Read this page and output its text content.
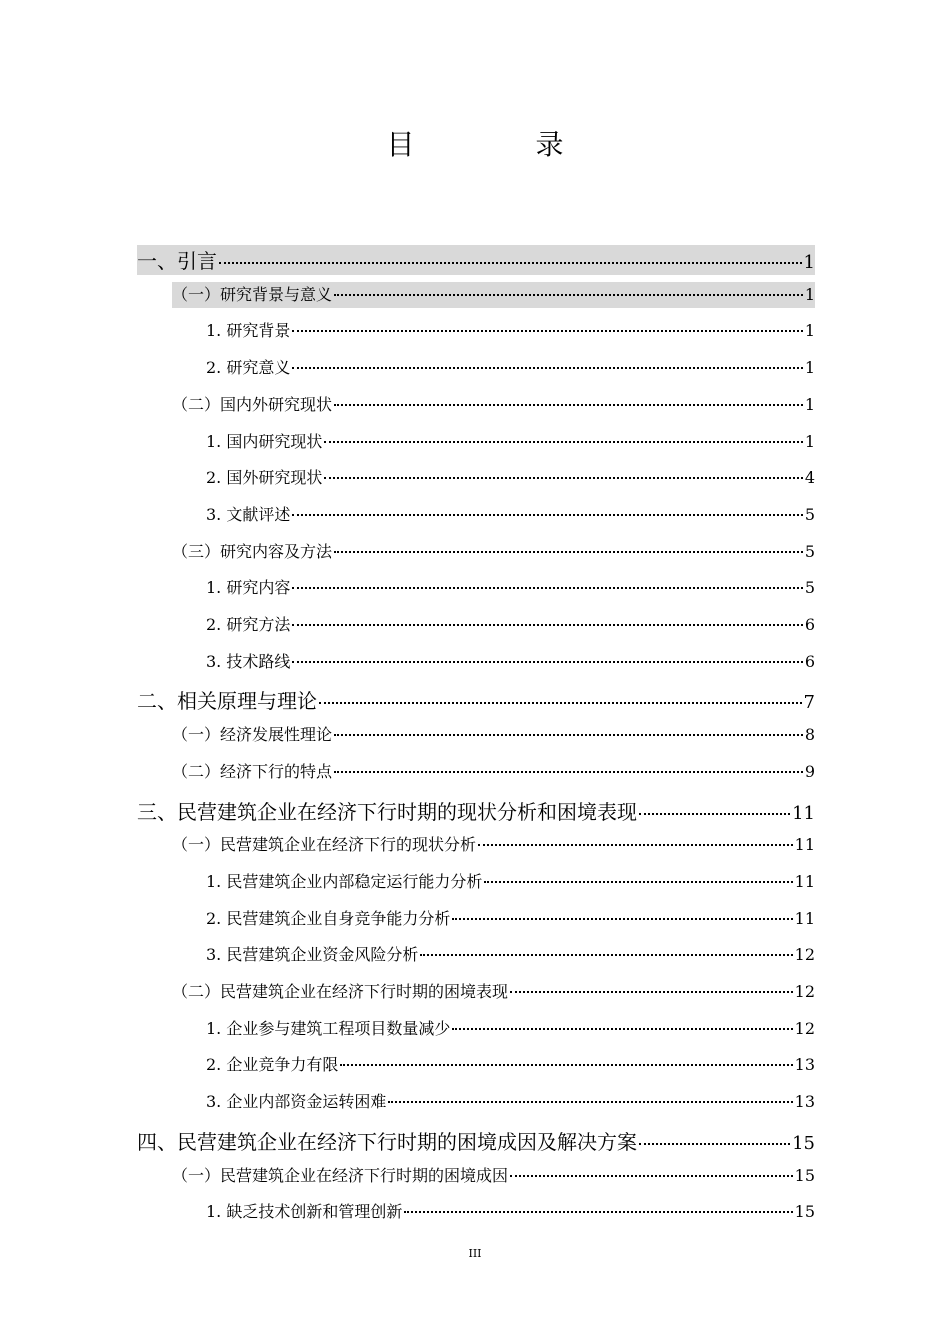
目 录
一、引言	1
（一）研究背景与意义	1
1. 研究背景	1
2. 研究意义	1
（二）国内外研究现状	1
1. 国内研究现状	1
2. 国外研究现状	4
3. 文献评述	5
（三）研究内容及方法	5
1. 研究内容	5
2. 研究方法	6
3. 技术路线	6
二、相关原理与理论	7
（一）经济发展性理论	8
（二）经济下行的特点	9
三、民营建筑企业在经济下行时期的现状分析和困境表现	11
（一）民营建筑企业在经济下行的现状分析	11
1. 民营建筑企业内部稳定运行能力分析	11
2. 民营建筑企业自身竞争能力分析	11
3. 民营建筑企业资金风险分析	12
（二）民营建筑企业在经济下行时期的困境表现	12
1. 企业参与建筑工程项目数量减少	12
2. 企业竞争力有限	13
3. 企业内部资金运转困难	13
四、民营建筑企业在经济下行时期的困境成因及解决方案	15
（一）民营建筑企业在经济下行时期的困境成因	15
1. 缺乏技术创新和管理创新	15
III
